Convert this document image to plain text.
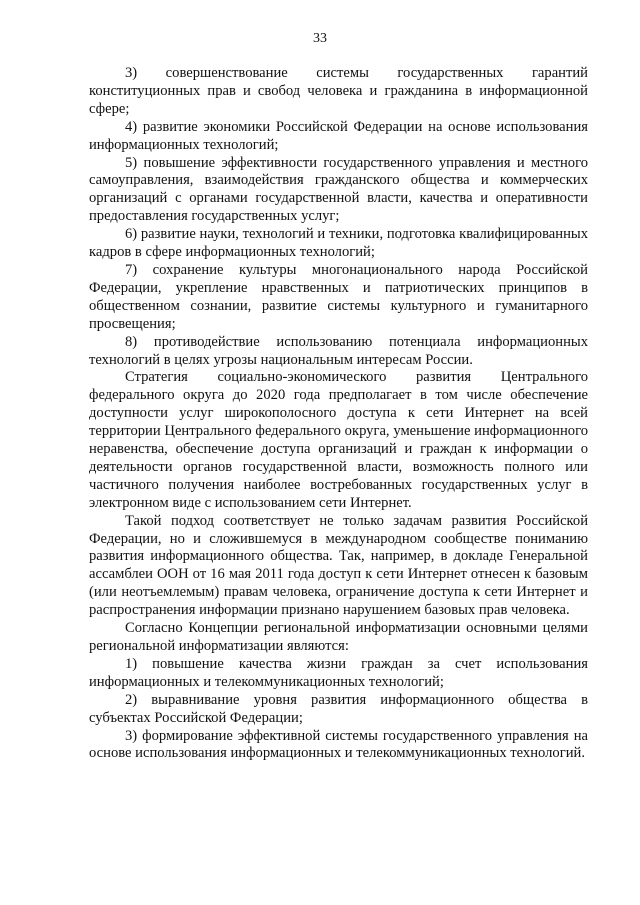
33

3) совершенствование системы государственных гарантий конституционных прав и свобод человека и гражданина в информационной сфере;

4) развитие экономики Российской Федерации на основе использования информационных технологий;

5) повышение эффективности государственного управления и местного самоуправления, взаимодействия гражданского общества и коммерческих организаций с органами государственной власти, качества и оперативности предоставления государственных услуг;

6) развитие науки, технологий и техники, подготовка квалифицированных кадров в сфере информационных технологий;

7) сохранение культуры многонационального народа Российской Федерации, укрепление нравственных и патриотических принципов в общественном сознании, развитие системы культурного и гуманитарного просвещения;

8) противодействие использованию потенциала информационных технологий в целях угрозы национальным интересам России.

Стратегия социально-экономического развития Центрального федерального округа до 2020 года предполагает в том числе обеспечение доступности услуг широкополосного доступа к сети Интернет на всей территории Центрального федерального округа, уменьшение информационного неравенства, обеспечение доступа организаций и граждан к информации о деятельности органов государственной власти, возможность полного или частичного получения наиболее востребованных государственных услуг в электронном виде с использованием сети Интернет.

Такой подход соответствует не только задачам развития Российской Федерации, но и сложившемуся в международном сообществе пониманию развития информационного общества. Так, например, в докладе Генеральной ассамблеи ООН от 16 мая 2011 года доступ к сети Интернет отнесен к базовым (или неотъемлемым) правам человека, ограничение доступа к сети Интернет и распространения информации признано нарушением базовых прав человека.

Согласно Концепции региональной информатизации основными целями региональной информатизации являются:

1) повышение качества жизни граждан за счет использования информационных и телекоммуникационных технологий;

2) выравнивание уровня развития информационного общества в субъектах Российской Федерации;

3) формирование эффективной системы государственного управления на основе использования информационных и телекоммуникационных технологий.
